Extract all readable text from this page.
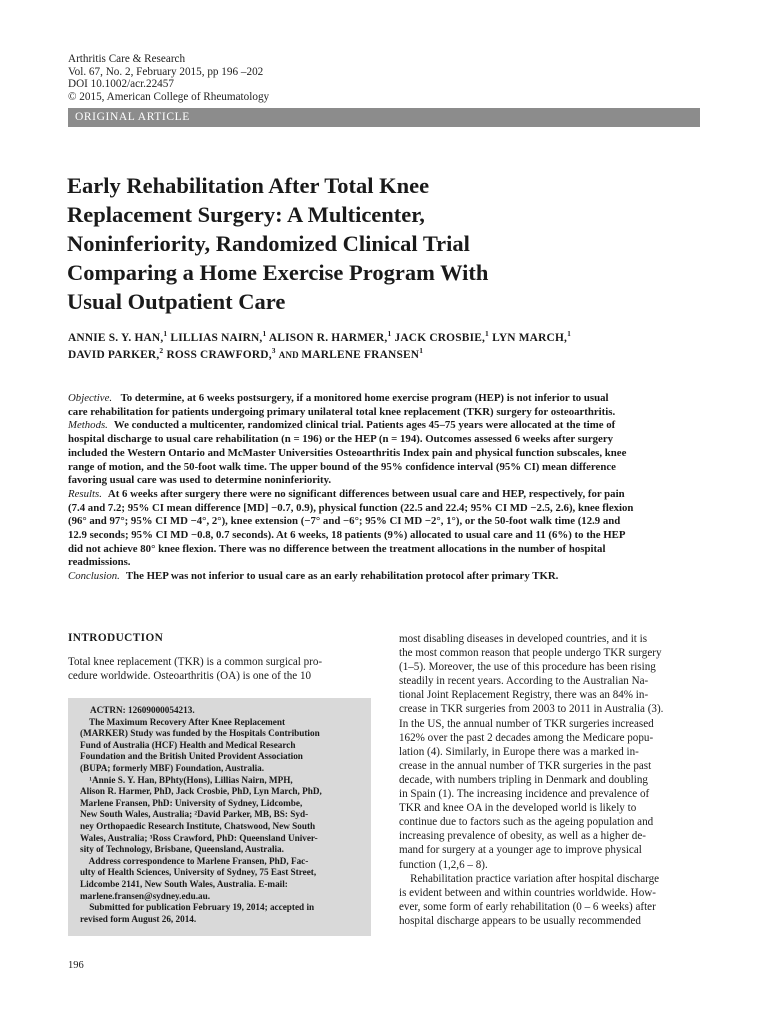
Arthritis Care & Research
Vol. 67, No. 2, February 2015, pp 196 –202
DOI 10.1002/acr.22457
© 2015, American College of Rheumatology
ORIGINAL ARTICLE
Early Rehabilitation After Total Knee
Replacement Surgery: A Multicenter,
Noninferiority, Randomized Clinical Trial
Comparing a Home Exercise Program With
Usual Outpatient Care
ANNIE S. Y. HAN,$^1$ LILLIAS NAIRN,$^1$ ALISON R. HARMER,$^1$ JACK CROSBIE,$^1$ LYN MARCH,$^1$
DAVID PARKER,$^2$ ROSS CRAWFORD,$^3$ AND MARLENE FRANSEN$^1$
Objective. To determine, at 6 weeks postsurgery, if a monitored home exercise program (HEP) is not inferior to usual
care rehabilitation for patients undergoing primary unilateral total knee replacement (TKR) surgery for osteoarthritis.
Methods. We conducted a multicenter, randomized clinical trial. Patients ages 45–75 years were allocated at the time of
hospital discharge to usual care rehabilitation (n = 196) or the HEP (n = 194). Outcomes assessed 6 weeks after surgery
included the Western Ontario and McMaster Universities Osteoarthritis Index pain and physical function subscales, knee
range of motion, and the 50-foot walk time. The upper bound of the 95% confidence interval (95% CI) mean difference
favoring usual care was used to determine noninferiority.
Results. At 6 weeks after surgery there were no significant differences between usual care and HEP, respectively, for pain
(7.4 and 7.2; 95% CI mean difference [MD] −0.7, 0.9), physical function (22.5 and 22.4; 95% CI MD −2.5, 2.6), knee flexion
(96° and 97°; 95% CI MD −4°, 2°), knee extension (−7° and −6°; 95% CI MD −2°, 1°), or the 50-foot walk time (12.9 and
12.9 seconds; 95% CI MD −0.8, 0.7 seconds). At 6 weeks, 18 patients (9%) allocated to usual care and 11 (6%) to the HEP
did not achieve 80° knee flexion. There was no difference between the treatment allocations in the number of hospital
readmissions.
Conclusion. The HEP was not inferior to usual care as an early rehabilitation protocol after primary TKR.
INTRODUCTION
Total knee replacement (TKR) is a common surgical pro-
cedure worldwide. Osteoarthritis (OA) is one of the 10
ACTRN: 12609000054213.
The Maximum Recovery After Knee Replacement
(MARKER) Study was funded by the Hospitals Contribution
Fund of Australia (HCF) Health and Medical Research
Foundation and the British United Provident Association
(BUPA; formerly MBF) Foundation, Australia.
¹Annie S. Y. Han, BPhty(Hons), Lillias Nairn, MPH,
Alison R. Harmer, PhD, Jack Crosbie, PhD, Lyn March, PhD,
Marlene Fransen, PhD: University of Sydney, Lidcombe,
New South Wales, Australia; ²David Parker, MB, BS: Syd-
ney Orthopaedic Research Institute, Chatswood, New South
Wales, Australia; ³Ross Crawford, PhD: Queensland Univer-
sity of Technology, Brisbane, Queensland, Australia.
Address correspondence to Marlene Fransen, PhD, Fac-
ulty of Health Sciences, University of Sydney, 75 East Street,
Lidcombe 2141, New South Wales, Australia. E-mail:
marlene.fransen@sydney.edu.au.
Submitted for publication February 19, 2014; accepted in
revised form August 26, 2014.
most disabling diseases in developed countries, and it is
the most common reason that people undergo TKR surgery
(1–5). Moreover, the use of this procedure has been rising
steadily in recent years. According to the Australian Na-
tional Joint Replacement Registry, there was an 84% in-
crease in TKR surgeries from 2003 to 2011 in Australia (3).
In the US, the annual number of TKR surgeries increased
162% over the past 2 decades among the Medicare popu-
lation (4). Similarly, in Europe there was a marked in-
crease in the annual number of TKR surgeries in the past
decade, with numbers tripling in Denmark and doubling
in Spain (1). The increasing incidence and prevalence of
TKR and knee OA in the developed world is likely to
continue due to factors such as the ageing population and
increasing prevalence of obesity, as well as a higher de-
mand for surgery at a younger age to improve physical
function (1,2,6 – 8).
Rehabilitation practice variation after hospital discharge
is evident between and within countries worldwide. How-
ever, some form of early rehabilitation (0 – 6 weeks) after
hospital discharge appears to be usually recommended
196
